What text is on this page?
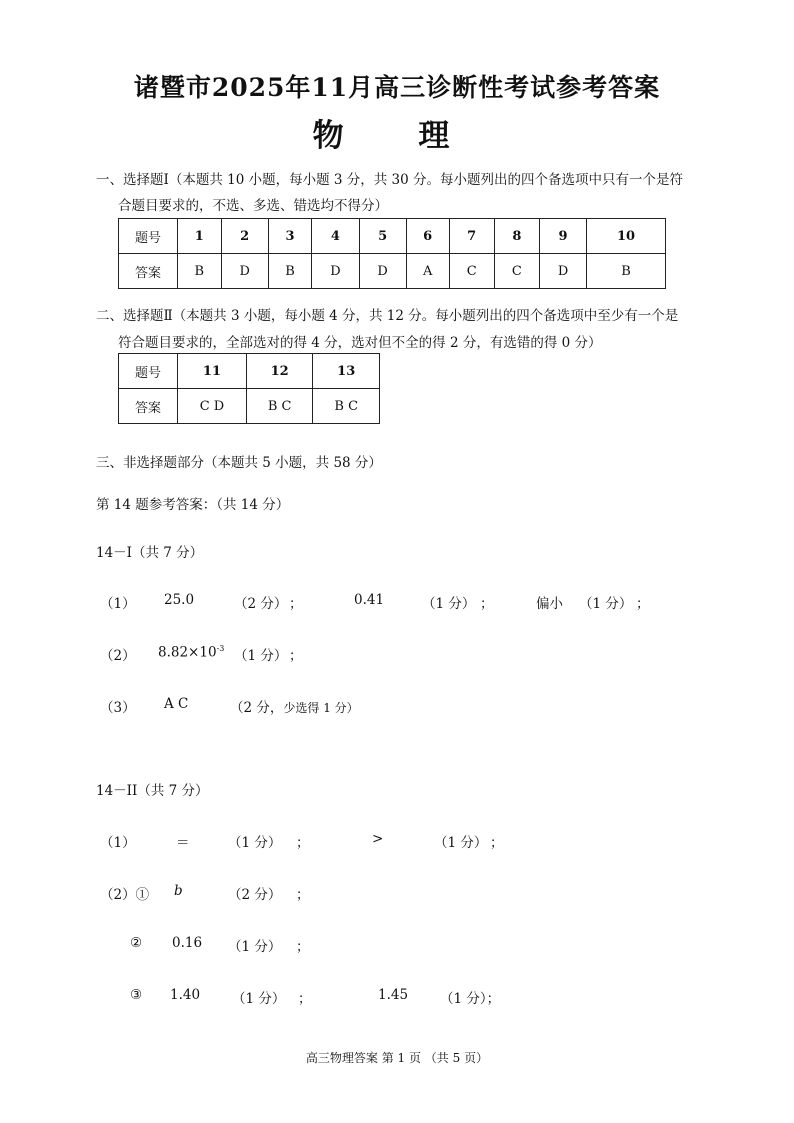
诸暨市2025年11月高三诊断性考试参考答案
物 理
一、选择题Ⅰ（本题共 10 小题，每小题 3 分，共 30 分。每小题列出的四个备选项中只有一个是符
合题目要求的，不选、多选、错选均不得分）
题号	1	2	3	4	5	6	7	8	9	10
答案	B	D	B	D	D	A	C	C	D	B
二、选择题Ⅱ（本题共 3 小题，每小题 4 分，共 12 分。每小题列出的四个备选项中至少有一个是
符合题目要求的，全部选对的得 4 分，选对但不全的得 2 分，有选错的得 0 分）
题号	11	12	13
答案	C D	B C	B C
三、非选择题部分（本题共 5 小题，共 58 分）
第 14 题参考答案：（共 14 分）
14－I（共 7 分）
（1） 25.0	（2 分） ；	0.41	（1 分） ；	偏小 （1 分） ；
（2） $8.82\times 10^{-3}$ （1 分） ；
（3） A C	（2 分，少选得 1 分）
14－II（共 7 分）
（1）	＝	（1 分） ；	>	（1 分） ；
（2）① b	（2 分） ；
② 0.16 （1 分） ；
③ 1.40 （1 分） ；	1.45 （1 分）；
高三物理答案 第 1 页 （共 5 页）
